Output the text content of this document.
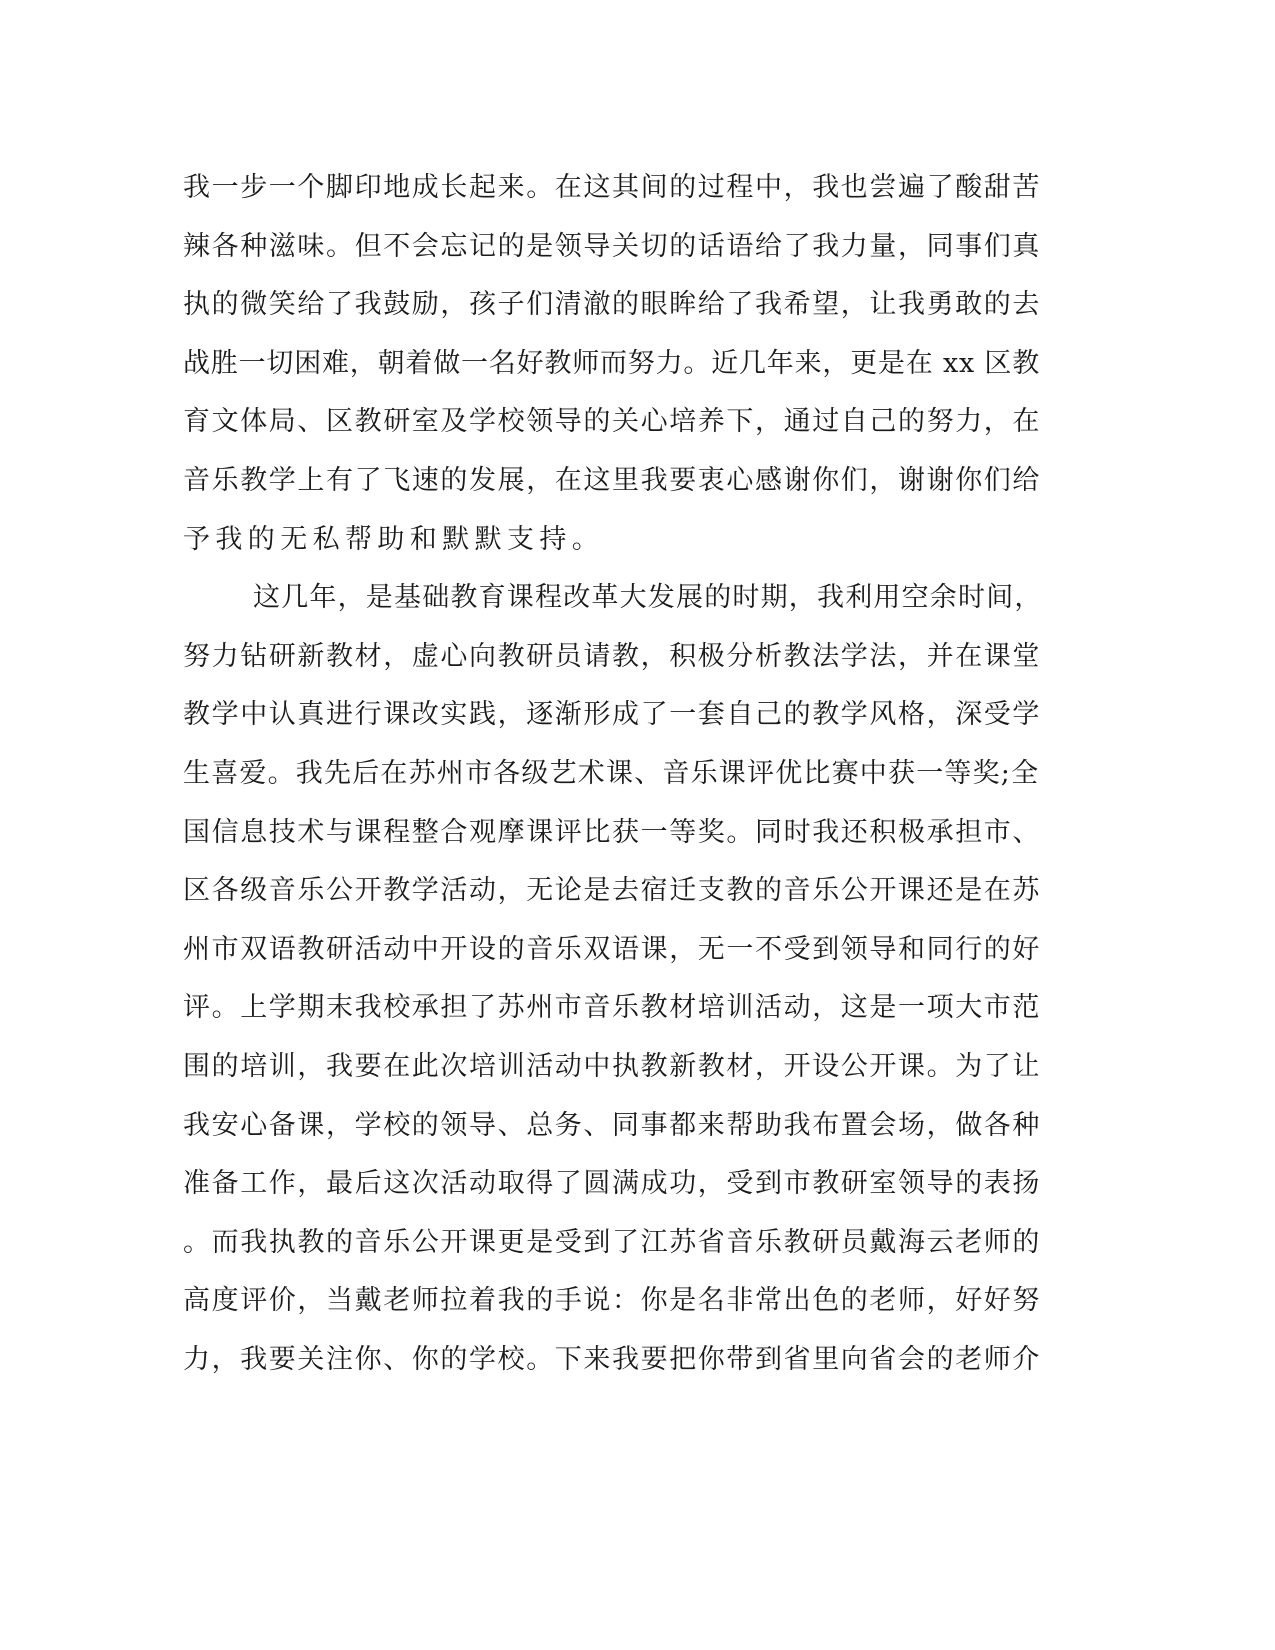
我一步一个脚印地成长起来。在这其间的过程中，我也尝遍了酸甜苦
辣各种滋味。但不会忘记的是领导关切的话语给了我力量，同事们真
执的微笑给了我鼓励，孩子们清澈的眼眸给了我希望，让我勇敢的去
战胜一切困难，朝着做一名好教师而努力。近几年来，更是在 xx 区教
育文体局、区教研室及学校领导的关心培养下，通过自己的努力，在
音乐教学上有了飞速的发展，在这里我要衷心感谢你们，谢谢你们给
予我的无私帮助和默默支持。
这几年，是基础教育课程改革大发展的时期，我利用空余时间，
努力钻研新教材，虚心向教研员请教，积极分析教法学法，并在课堂
教学中认真进行课改实践，逐渐形成了一套自己的教学风格，深受学
生喜爱。我先后在苏州市各级艺术课、音乐课评优比赛中获一等奖;全
国信息技术与课程整合观摩课评比获一等奖。同时我还积极承担市、
区各级音乐公开教学活动，无论是去宿迁支教的音乐公开课还是在苏
州市双语教研活动中开设的音乐双语课，无一不受到领导和同行的好
评。上学期末我校承担了苏州市音乐教材培训活动，这是一项大市范
围的培训，我要在此次培训活动中执教新教材，开设公开课。为了让
我安心备课，学校的领导、总务、同事都来帮助我布置会场，做各种
准备工作，最后这次活动取得了圆满成功，受到市教研室领导的表扬
。而我执教的音乐公开课更是受到了江苏省音乐教研员戴海云老师的
高度评价，当戴老师拉着我的手说：你是名非常出色的老师，好好努
力，我要关注你、你的学校。下来我要把你带到省里向省会的老师介
